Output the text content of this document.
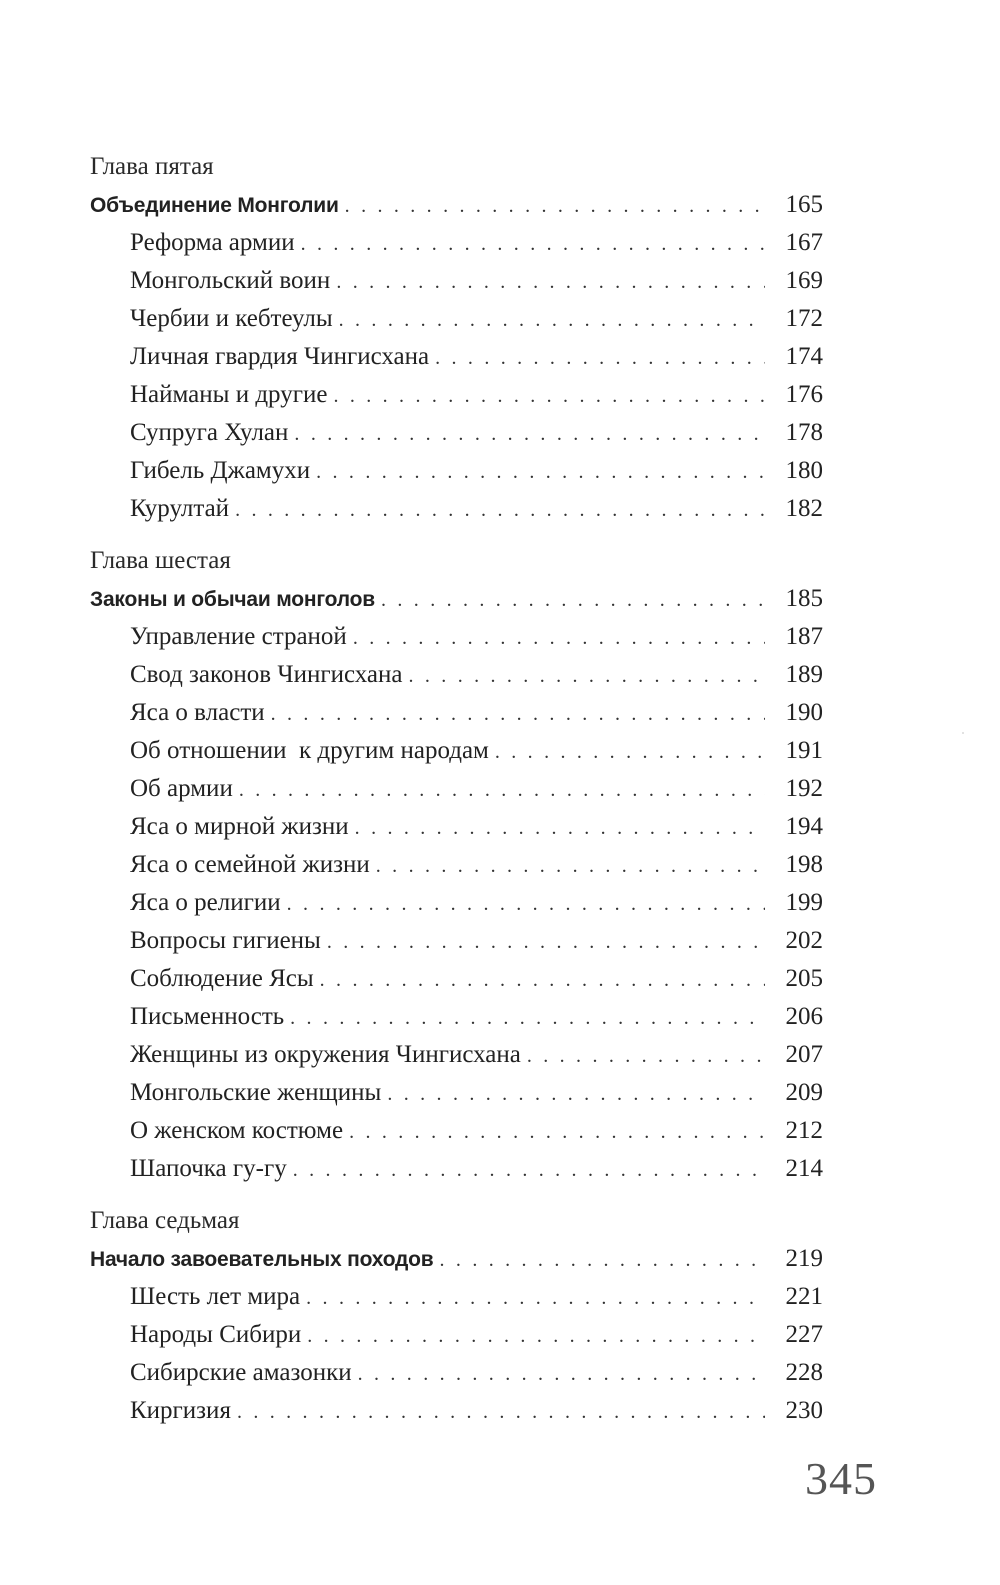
Глава пятая
Объединение Монголии . . .	165
Реформа армии . . .	167
Монгольский воин . . .	169
Чербии и кебтеулы . . .	172
Личная гвардия Чингисхана . . .	174
Найманы и другие . . .	176
Супруга Хулан . . .	178
Гибель Джамухи . . .	180
Курултай . . .	182
Глава шестая
Законы и обычаи монголов . . .	185
Управление страной . . .	187
Свод законов Чингисхана . . .	189
Яса о власти . . .	190
Об отношении  к другим народам . . .	191
Об армии . . .	192
Яса о мирной жизни . . .	194
Яса о семейной жизни . . .	198
Яса о религии . . .	199
Вопросы гигиены . . .	202
Соблюдение Ясы . . .	205
Письменность . . .	206
Женщины из окружения Чингисхана . . .	207
Монгольские женщины . . .	209
О женском костюме . . .	212
Шапочка гу-гу . . .	214
Глава седьмая
Начало завоевательных походов . . .	219
Шесть лет мира . . .	221
Народы Сибири . . .	227
Сибирские амазонки . . .	228
Киргизия . . .	230
345
